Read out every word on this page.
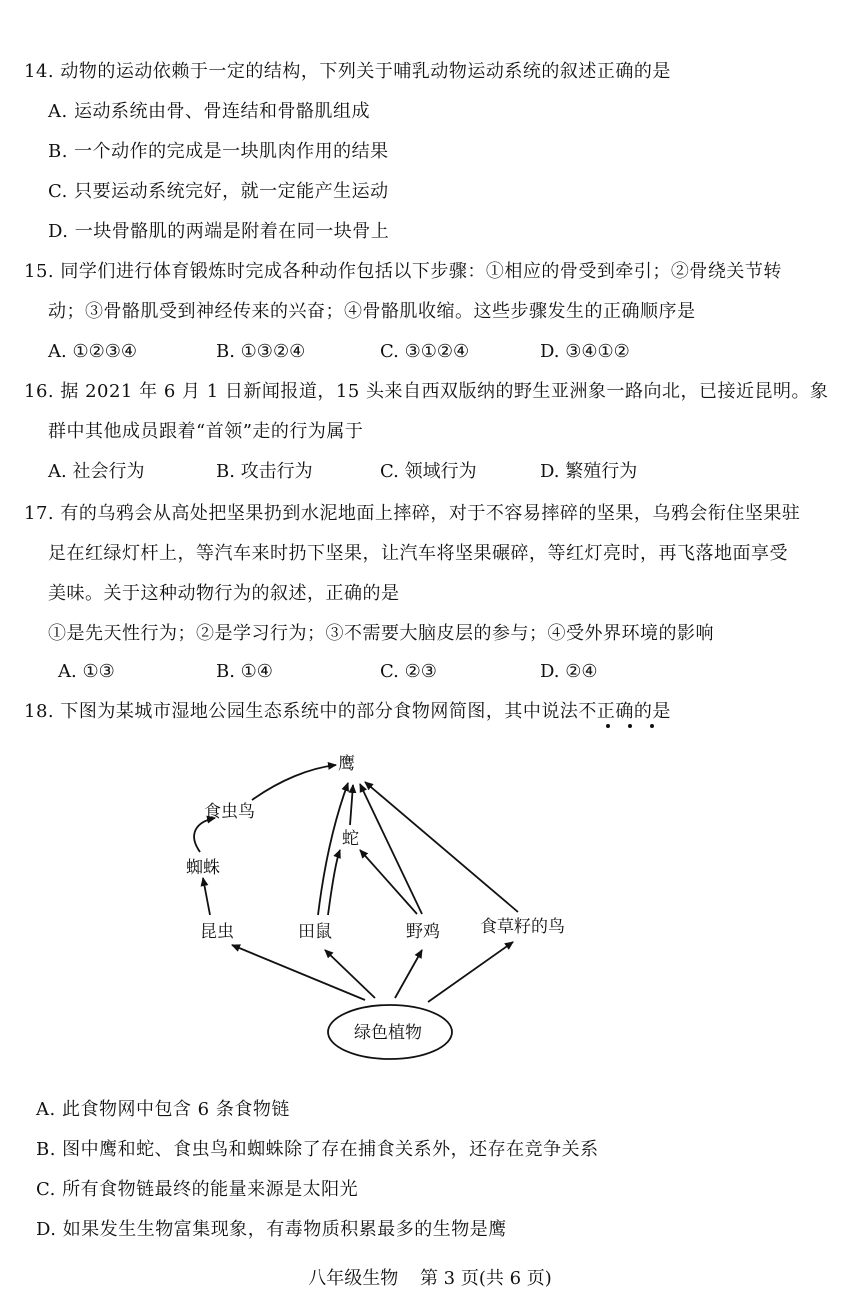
14. 动物的运动依赖于一定的结构，下列关于哺乳动物运动系统的叙述正确的是
A. 运动系统由骨、骨连结和骨骼肌组成
B. 一个动作的完成是一块肌肉作用的结果
C. 只要运动系统完好，就一定能产生运动
D. 一块骨骼肌的两端是附着在同一块骨上
15. 同学们进行体育锻炼时完成各种动作包括以下步骤：①相应的骨受到牵引；②骨绕关节转
动；③骨骼肌受到神经传来的兴奋；④骨骼肌收缩。这些步骤发生的正确顺序是
A. ①②③④	B. ①③②④	C. ③①②④	D. ③④①②
16. 据 2021 年 6 月 1 日新闻报道，15 头来自西双版纳的野生亚洲象一路向北，已接近昆明。象
群中其他成员跟着“首领”走的行为属于
A. 社会行为	B. 攻击行为	C. 领域行为	D. 繁殖行为
17. 有的乌鸦会从高处把坚果扔到水泥地面上摔碎，对于不容易摔碎的坚果，乌鸦会衔住坚果驻
足在红绿灯杆上，等汽车来时扔下坚果，让汽车将坚果碾碎，等红灯亮时，再飞落地面享受
美味。关于这种动物行为的叙述，正确的是
①是先天性行为；②是学习行为；③不需要大脑皮层的参与；④受外界环境的影响
A. ①③	B. ①④	C. ②③	D. ②④
18. 下图为某城市湿地公园生态系统中的部分食物网简图，其中说法不正确的是
鹰
食虫鸟
蛇
蜘蛛
昆虫	田鼠	野鸡 食草籽的鸟
绿色植物
A. 此食物网中包含 6 条食物链
B. 图中鹰和蛇、食虫鸟和蜘蛛除了存在捕食关系外，还存在竞争关系
C. 所有食物链最终的能量来源是太阳光
D. 如果发生生物富集现象，有毒物质积累最多的生物是鹰
八年级生物 第 3 页(共 6 页)
